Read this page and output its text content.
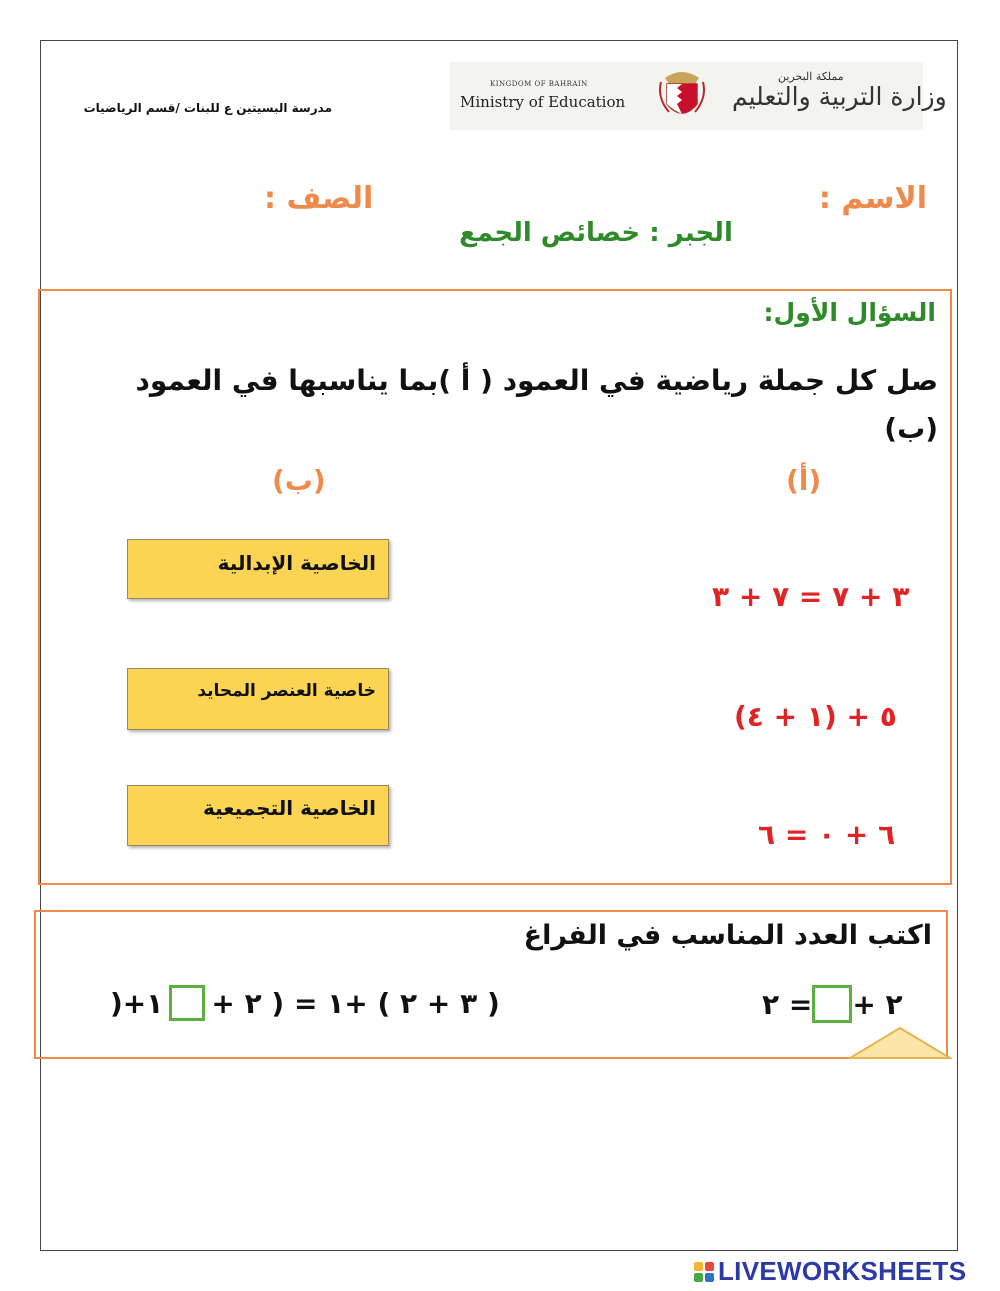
KINGDOM OF BAHRAIN
Ministry of Education
مملكة البحرين
وزارة التربية والتعليم
مدرسة البسيتين ع للبنات /قسم الرياضيات
الاسم :
الصف :
الجبر : خصائص الجمع
السؤال الأول:
صل كل جملة رياضية في العمود ( أ )بما يناسبها في العمود (ب)
(ب)	(أ)
الخاصية الإبدالية
خاصية العنصر المحايد
الخاصية التجميعية
٣ + ٧ = ٧ + ٣
(١ + ٤) + ٥
٦ + ٠ = ٦
اكتب العدد المناسب في الفراغ
٢ = + ٢
)+١ ( ٣ + ٢ ) +١ = ( ٢ +
LIVEWORKSHEETS
